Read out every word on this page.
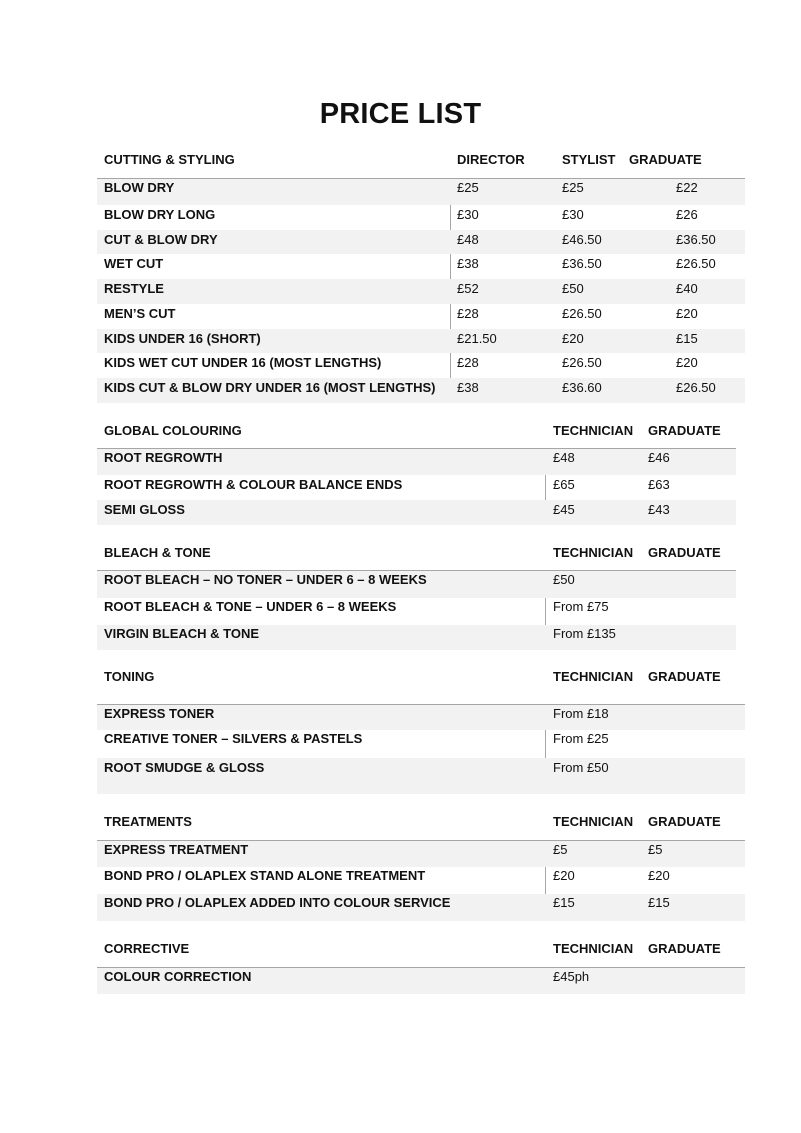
PRICE LIST
CUTTING & STYLING	DIRECTOR	STYLIST GRADUATE
BLOW DRY	£25	£25	£22
BLOW DRY LONG	£30	£30	£26
CUT & BLOW DRY	£48	£46.50	£36.50
WET CUT	£38	£36.50	£26.50
RESTYLE	£52	£50	£40
MEN’S CUT	£28	£26.50	£20
KIDS UNDER 16 (SHORT)	£21.50	£20	£15
KIDS WET CUT UNDER 16 (MOST LENGTHS)	£28	£26.50	£20
KIDS CUT & BLOW DRY UNDER 16 (MOST LENGTHS) £38	£36.60	£26.50
GLOBAL COLOURING	TECHNICIAN GRADUATE
ROOT REGROWTH	£48	£46
ROOT REGROWTH & COLOUR BALANCE ENDS	£65	£63
SEMI GLOSS	£45	£43
BLEACH & TONE	TECHNICIAN GRADUATE
ROOT BLEACH – NO TONER – UNDER 6 – 8 WEEKS	£50
ROOT BLEACH & TONE – UNDER 6 – 8 WEEKS	From £75
VIRGIN BLEACH & TONE	From £135
TONING	TECHNICIAN GRADUATE
EXPRESS TONER	From £18
CREATIVE TONER – SILVERS & PASTELS	From £25
ROOT SMUDGE & GLOSS	From £50
TREATMENTS	TECHNICIAN GRADUATE
EXPRESS TREATMENT	£5	£5
BOND PRO / OLAPLEX STAND ALONE TREATMENT	£20	£20
BOND PRO / OLAPLEX ADDED INTO COLOUR SERVICE	£15	£15
CORRECTIVE	TECHNICIAN GRADUATE
COLOUR CORRECTION	£45ph
